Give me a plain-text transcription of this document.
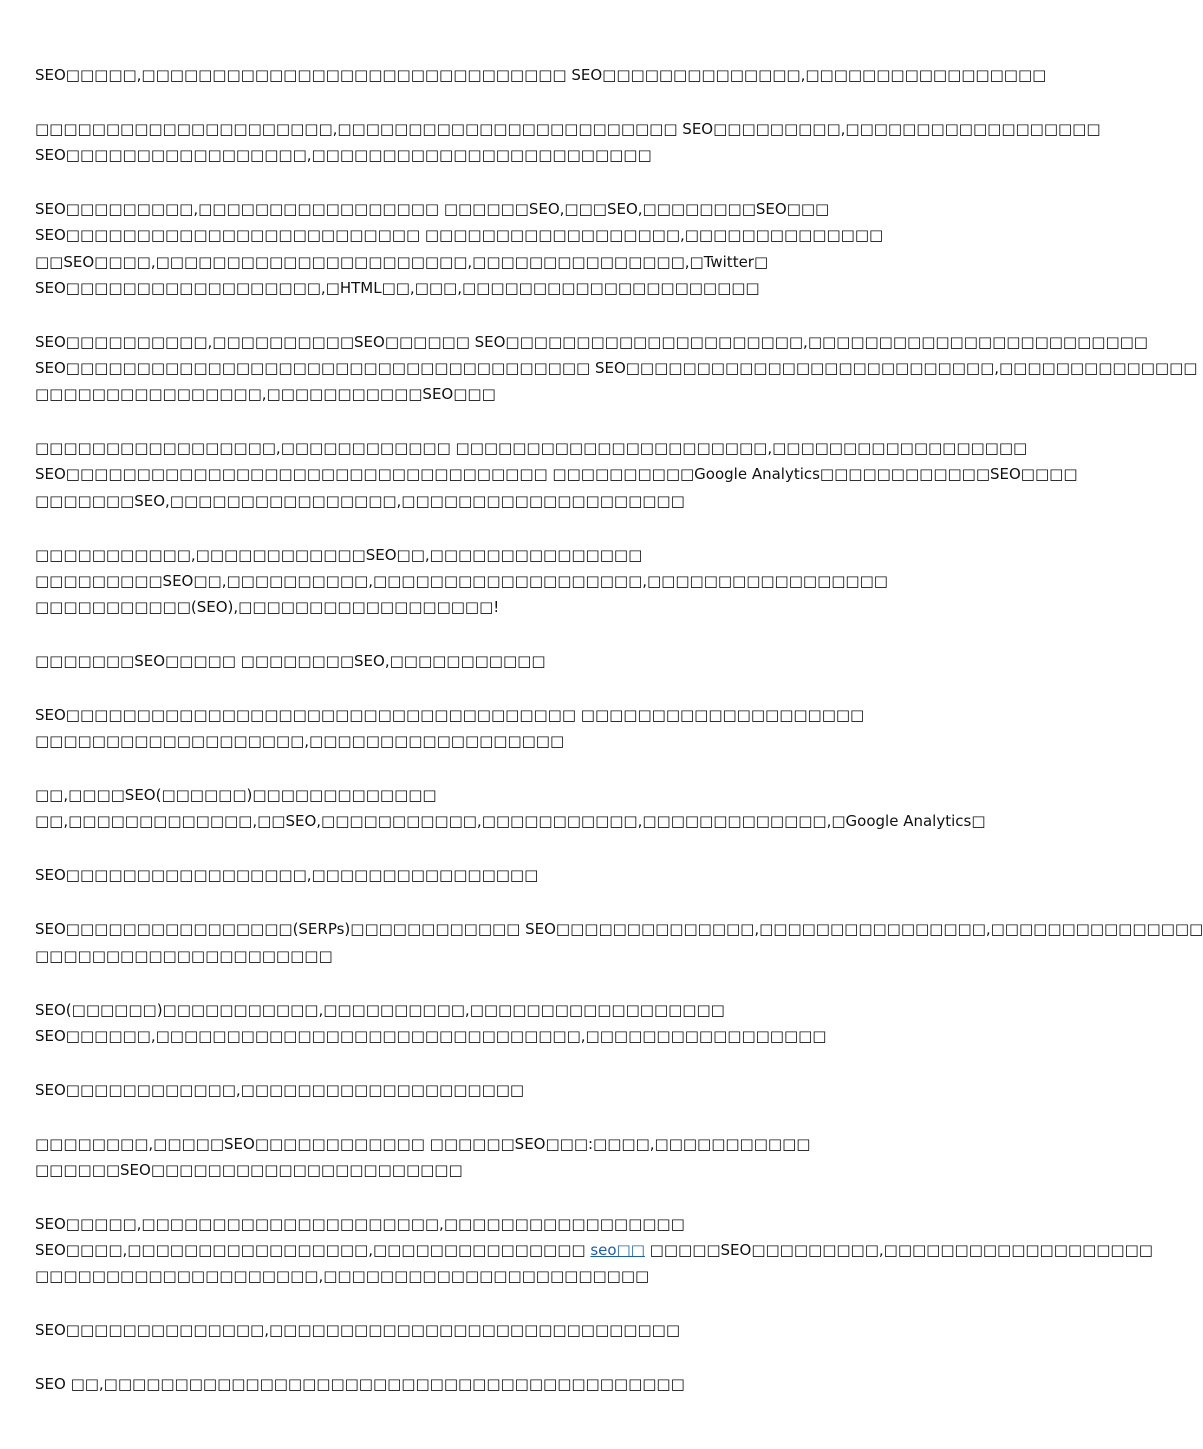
SEO□□□□□,□□□□□□□□□□□□□□□□□□□□□□□□□□□□□□ SEO□□□□□□□□□□□□□□,□□□□□□□□□□□□□□□□□
□□□□□□□□□□□□□□□□□□□□□,□□□□□□□□□□□□□□□□□□□□□□□□ SEO□□□□□□□□□,□□□□□□□□□□□□□□□□□□
SEO□□□□□□□□□□□□□□□□□,□□□□□□□□□□□□□□□□□□□□□□□□
SEO□□□□□□□□□,□□□□□□□□□□□□□□□□□ □□□□□□SEO,□□□SEO,□□□□□□□□SEO□□□
SEO□□□□□□□□□□□□□□□□□□□□□□□□□ □□□□□□□□□□□□□□□□□□,□□□□□□□□□□□□□□
□□SEO□□□□,□□□□□□□□□□□□□□□□□□□□□□,□□□□□□□□□□□□□□□,□Twitter□
SEO□□□□□□□□□□□□□□□□□□,□HTML□□,□□□,□□□□□□□□□□□□□□□□□□□□□
SEO□□□□□□□□□□,□□□□□□□□□□SEO□□□□□□ SEO□□□□□□□□□□□□□□□□□□□□□,□□□□□□□□□□□□□□□□□□□□□□□□
SEO□□□□□□□□□□□□□□□□□□□□□□□□□□□□□□□□□□□□□ SEO□□□□□□□□□□□□□□□□□□□□□□□□□□,□□□□□□□□□□□□□□
□□□□□□□□□□□□□□□□,□□□□□□□□□□□SEO□□□
□□□□□□□□□□□□□□□□□,□□□□□□□□□□□□ □□□□□□□□□□□□□□□□□□□□□□,□□□□□□□□□□□□□□□□□□
SEO□□□□□□□□□□□□□□□□□□□□□□□□□□□□□□□□□□ □□□□□□□□□□Google Analytics□□□□□□□□□□□□SEO□□□□
□□□□□□□SEO,□□□□□□□□□□□□□□□□,□□□□□□□□□□□□□□□□□□□□
□□□□□□□□□□□,□□□□□□□□□□□□SEO□□,□□□□□□□□□□□□□□□
□□□□□□□□□SEO□□,□□□□□□□□□□,□□□□□□□□□□□□□□□□□□□,□□□□□□□□□□□□□□□□□
□□□□□□□□□□□(SEO),□□□□□□□□□□□□□□□□□□!
□□□□□□□SEO□□□□□ □□□□□□□□SEO,□□□□□□□□□□□
SEO□□□□□□□□□□□□□□□□□□□□□□□□□□□□□□□□□□□□ □□□□□□□□□□□□□□□□□□□□
□□□□□□□□□□□□□□□□□□□,□□□□□□□□□□□□□□□□□□
□□,□□□□SEO(□□□□□□)□□□□□□□□□□□□□
□□,□□□□□□□□□□□□□,□□SEO,□□□□□□□□□□□,□□□□□□□□□□□,□□□□□□□□□□□□□,□Google Analytics□
SEO□□□□□□□□□□□□□□□□□,□□□□□□□□□□□□□□□□
SEO□□□□□□□□□□□□□□□□(SERPs)□□□□□□□□□□□□ SEO□□□□□□□□□□□□□□,□□□□□□□□□□□□□□□□,□□□□□□□□□□□□□□□
□□□□□□□□□□□□□□□□□□□□□
SEO(□□□□□□)□□□□□□□□□□□,□□□□□□□□□□,□□□□□□□□□□□□□□□□□□
SEO□□□□□□,□□□□□□□□□□□□□□□□□□□□□□□□□□□□□□,□□□□□□□□□□□□□□□□□
SEO□□□□□□□□□□□□,□□□□□□□□□□□□□□□□□□□□
□□□□□□□□,□□□□□SEO□□□□□□□□□□□□ □□□□□□SEO□□□:□□□□,□□□□□□□□□□□
□□□□□□SEO□□□□□□□□□□□□□□□□□□□□□□
SEO□□□□□,□□□□□□□□□□□□□□□□□□□□□,□□□□□□□□□□□□□□□□□
SEO□□□□,□□□□□□□□□□□□□□□□□,□□□□□□□□□□□□□□□ seo□□ □□□□□SEO□□□□□□□□□,□□□□□□□□□□□□□□□□□□□
□□□□□□□□□□□□□□□□□□□□,□□□□□□□□□□□□□□□□□□□□□□□
SEO□□□□□□□□□□□□□□,□□□□□□□□□□□□□□□□□□□□□□□□□□□□□
SEO □□,□□□□□□□□□□□□□□□□□□□□□□□□□□□□□□□□□□□□□□□□□
